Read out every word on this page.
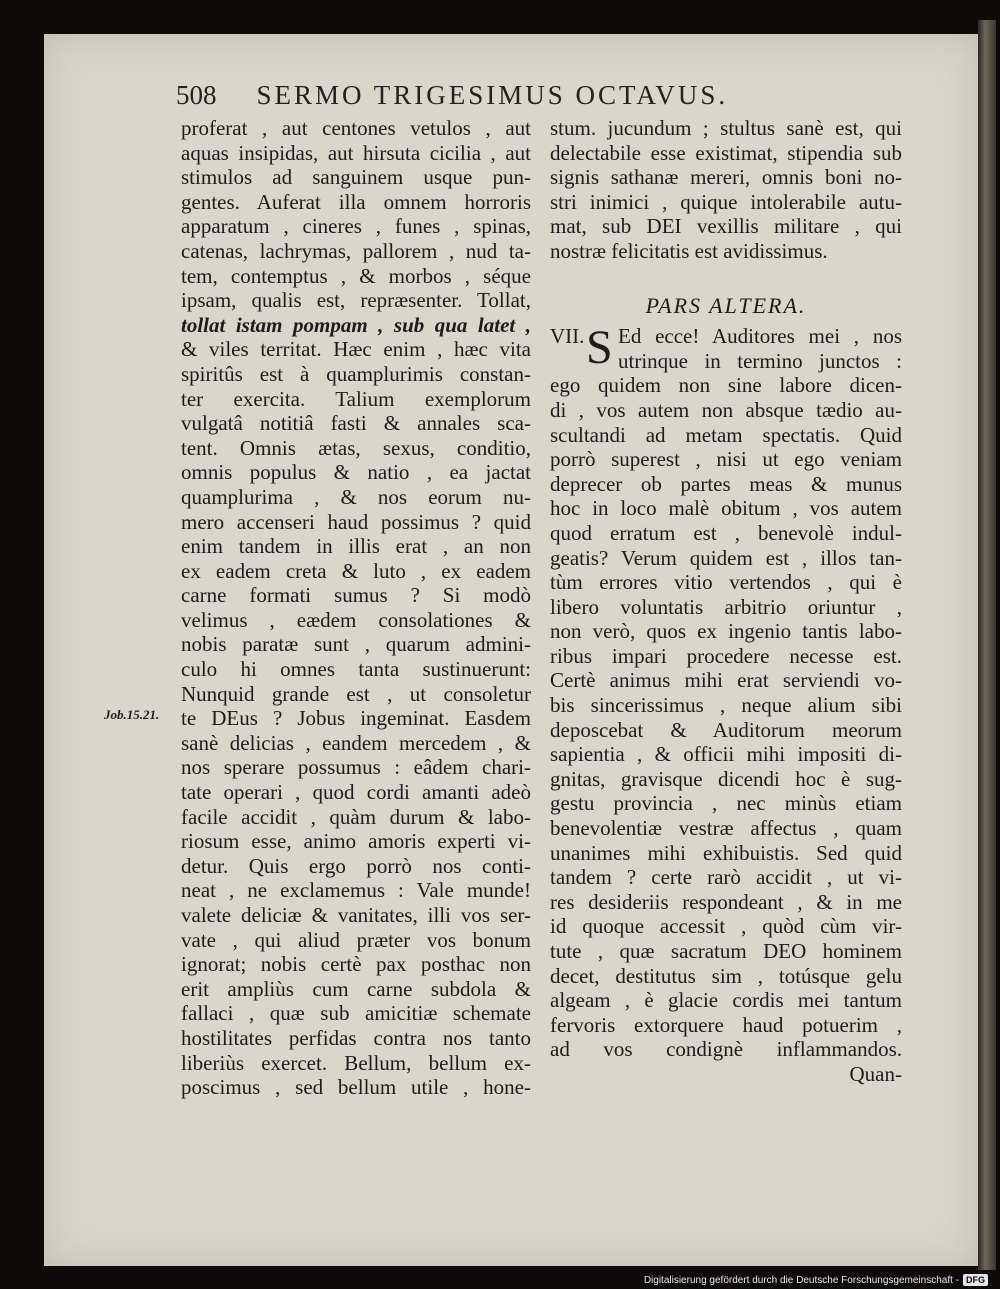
508 SERMO TRIGESIMUS OCTAVUS.
Job.15.21.
proferat , aut centones vetulos , aut
aquas insipidas, aut hirsuta cicilia , aut
stimulos ad sanguinem usque pun-
gentes. Auferat illa omnem horroris
apparatum , cineres , funes , spinas,
catenas, lachrymas, pallorem , nud ta-
tem, contemptus , & morbos , séque
ipsam, qualis est, repræsenter. Tollat,
tollat istam pompam , sub qua latet ,
& viles territat. Hæc enim , hæc vita
spiritûs est à quamplurimis constan-
ter exercita. Talium exemplorum
vulgatâ notitiâ fasti & annales sca-
tent. Omnis ætas, sexus, conditio,
omnis populus & natio , ea jactat
quamplurima , & nos eorum nu-
mero accenseri haud possimus ? quid
enim tandem in illis erat , an non
ex eadem creta & luto , ex eadem
carne formati sumus ? Si modò
velimus , eædem consolationes &
nobis paratæ sunt , quarum admini-
culo hi omnes tanta sustinuerunt:
Nunquid grande est , ut consoletur
te DEus ? Jobus ingeminat. Easdem
sanè delicias , eandem mercedem , &
nos sperare possumus : eâdem chari-
tate operari , quod cordi amanti adeò
facile accidit , quàm durum & labo-
riosum esse, animo amoris experti vi-
detur. Quis ergo porrò nos conti-
neat , ne exclamemus : Vale munde!
valete deliciæ & vanitates, illi vos ser-
vate , qui aliud præter vos bonum
ignorat; nobis certè pax posthac non
erit ampliùs cum carne subdola &
fallaci , quæ sub amicitiæ schemate
hostilitates perfidas contra nos tanto
liberiùs exercet. Bellum, bellum ex-
poscimus , sed bellum utile , hone-
stum. jucundum ; stultus sanè est, qui
delectabile esse existimat, stipendia sub
signis sathanæ mereri, omnis boni no-
stri inimici , quique intolerabile autu-
mat, sub DEI vexillis militare , qui
nostræ felicitatis est avidissimus.
PARS ALTERA.
VII. S Ed ecce! Auditores mei , nos
utrinque in termino junctos :
ego quidem non sine labore dicen-
di , vos autem non absque tædio au-
scultandi ad metam spectatis. Quid
porrò superest , nisi ut ego veniam
deprecer ob partes meas & munus
hoc in loco malè obitum , vos autem
quod erratum est , benevolè indul-
geatis? Verum quidem est , illos tan-
tùm errores vitio vertendos , qui è
libero voluntatis arbitrio oriuntur ,
non verò, quos ex ingenio tantis labo-
ribus impari procedere necesse est.
Certè animus mihi erat serviendi vo-
bis sincerissimus , neque alium sibi
deposcebat & Auditorum meorum
sapientia , & officii mihi impositi di-
gnitas, gravisque dicendi hoc è sug-
gestu provincia , nec minùs etiam
benevolentiæ vestræ affectus , quam
unanimes mihi exhibuistis. Sed quid
tandem ? certe rarò accidit , ut vi-
res desideriis respondeant , & in me
id quoque accessit , quòd cùm vir-
tute , quæ sacratum DEO hominem
decet, destitutus sim , totúsque gelu
algeam , è glacie cordis mei tantum
fervoris extorquere haud potuerim ,
ad vos condignè inflammandos.
Quan-
Digitalisierung gefördert durch die Deutsche Forschungsgemeinschaft - DFG
